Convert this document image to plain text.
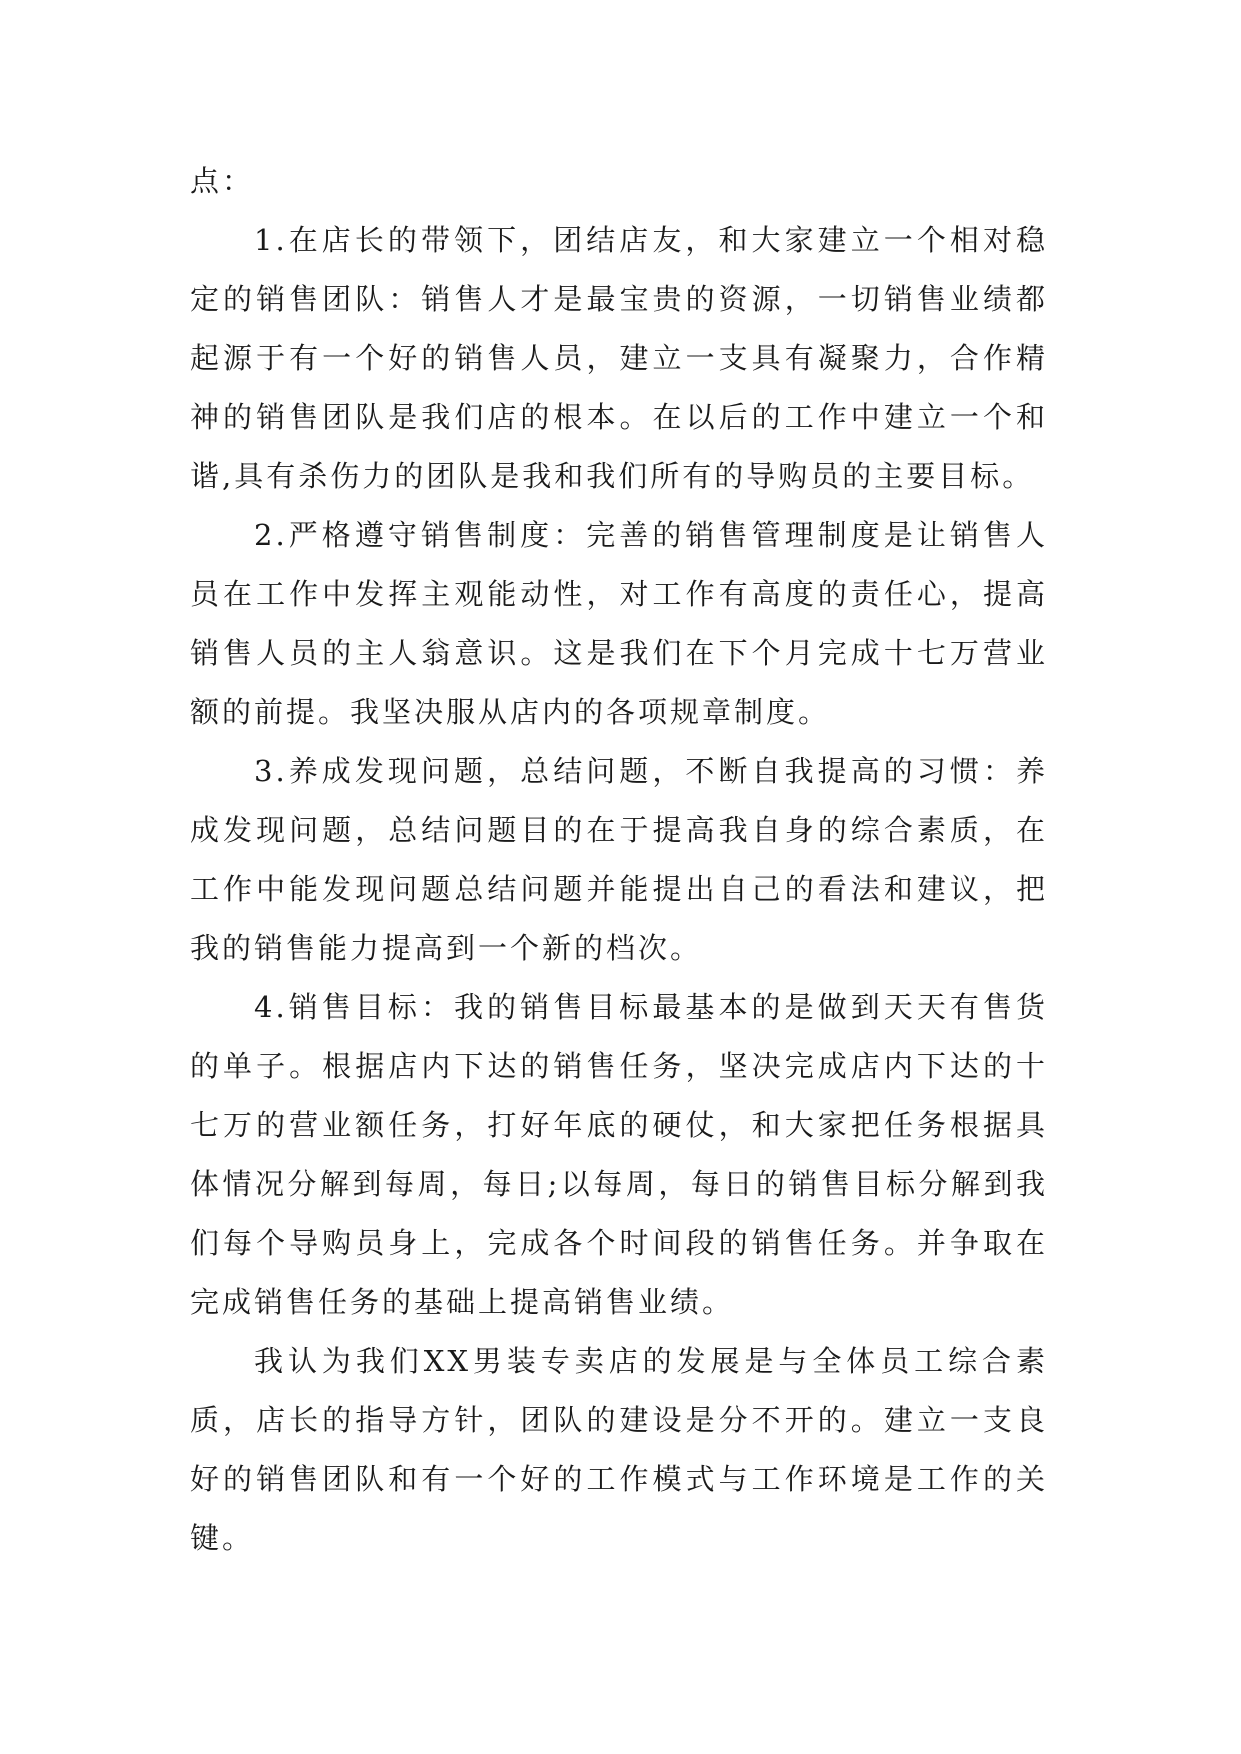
点：

1.在店长的带领下，团结店友，和大家建立一个相对稳定的销售团队：销售人才是最宝贵的资源，一切销售业绩都起源于有一个好的销售人员，建立一支具有凝聚力，合作精神的销售团队是我们店的根本。在以后的工作中建立一个和谐,具有杀伤力的团队是我和我们所有的导购员的主要目标。

2.严格遵守销售制度：完善的销售管理制度是让销售人员在工作中发挥主观能动性，对工作有高度的责任心，提高销售人员的主人翁意识。这是我们在下个月完成十七万营业额的前提。我坚决服从店内的各项规章制度。

3.养成发现问题，总结问题，不断自我提高的习惯：养成发现问题，总结问题目的在于提高我自身的综合素质，在工作中能发现问题总结问题并能提出自己的看法和建议，把我的销售能力提高到一个新的档次。

4.销售目标：我的销售目标最基本的是做到天天有售货的单子。根据店内下达的销售任务，坚决完成店内下达的十七万的营业额任务，打好年底的硬仗，和大家把任务根据具体情况分解到每周，每日;以每周，每日的销售目标分解到我们每个导购员身上，完成各个时间段的销售任务。并争取在完成销售任务的基础上提高销售业绩。

我认为我们XX男装专卖店的发展是与全体员工综合素质，店长的指导方针，团队的建设是分不开的。建立一支良好的销售团队和有一个好的工作模式与工作环境是工作的关键。
